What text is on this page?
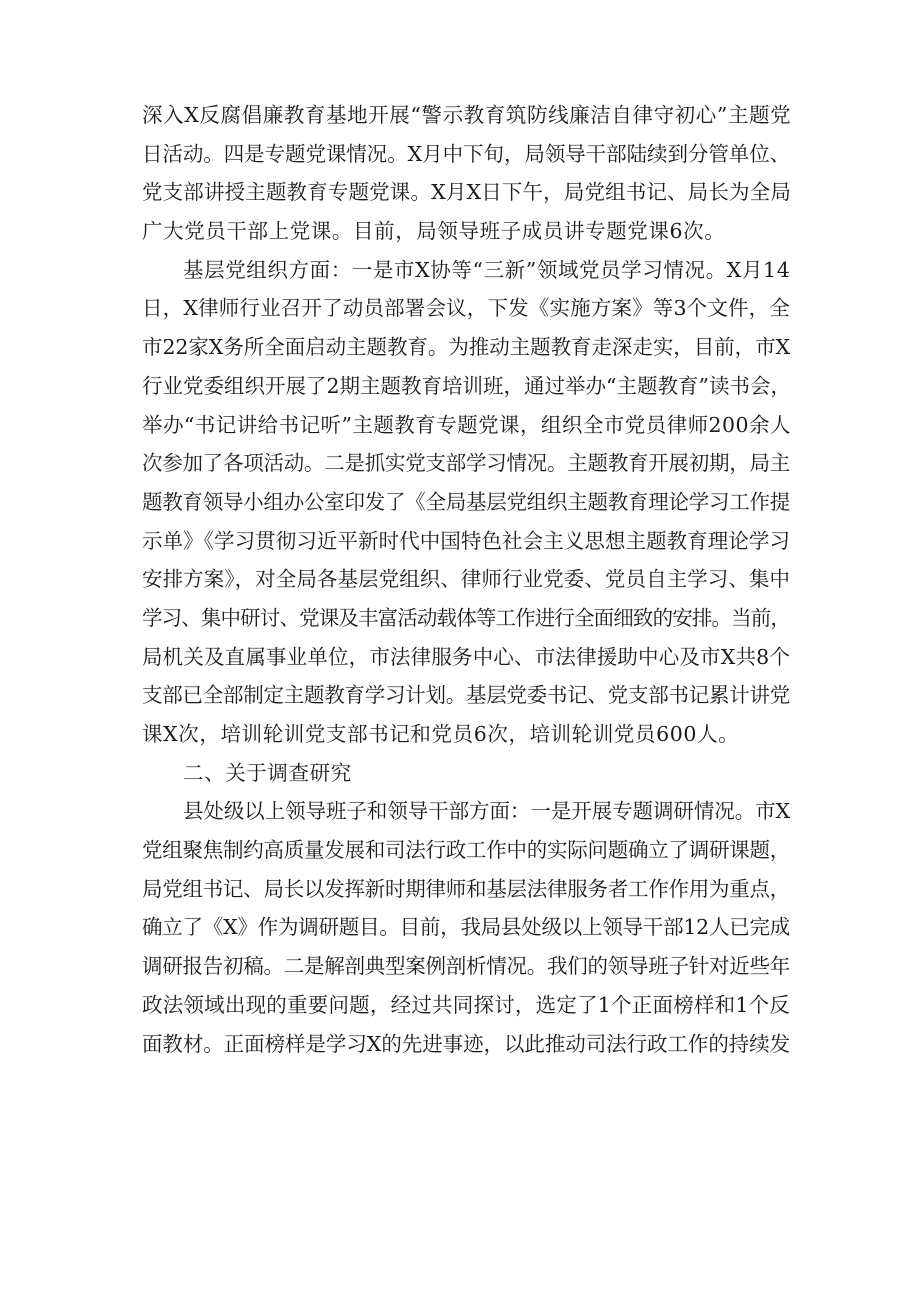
深入X反腐倡廉教育基地开展“警示教育筑防线廉洁自律守初心”主题党
日活动。四是专题党课情况。X月中下旬，局领导干部陆续到分管单位、
党支部讲授主题教育专题党课。X月X日下午，局党组书记、局长为全局
广大党员干部上党课。目前，局领导班子成员讲专题党课6次。
基层党组织方面：一是市X协等“三新”领域党员学习情况。X月14
日，X律师行业召开了动员部署会议，下发《实施方案》等3个文件，全
市22家X务所全面启动主题教育。为推动主题教育走深走实，目前，市X
行业党委组织开展了2期主题教育培训班，通过举办“主题教育”读书会，
举办“书记讲给书记听”主题教育专题党课，组织全市党员律师200余人
次参加了各项活动。二是抓实党支部学习情况。主题教育开展初期，局主
题教育领导小组办公室印发了《全局基层党组织主题教育理论学习工作提
示单》《学习贯彻习近平新时代中国特色社会主义思想主题教育理论学习
安排方案》，对全局各基层党组织、律师行业党委、党员自主学习、集中
学习、集中研讨、党课及丰富活动载体等工作进行全面细致的安排。当前，
局机关及直属事业单位，市法律服务中心、市法律援助中心及市X共8个
支部已全部制定主题教育学习计划。基层党委书记、党支部书记累计讲党
课X次，培训轮训党支部书记和党员6次，培训轮训党员600人。
二、关于调查研究
县处级以上领导班子和领导干部方面：一是开展专题调研情况。市X
党组聚焦制约高质量发展和司法行政工作中的实际问题确立了调研课题，
局党组书记、局长以发挥新时期律师和基层法律服务者工作作用为重点，
确立了《X》作为调研题目。目前，我局县处级以上领导干部12人已完成
调研报告初稿。二是解剖典型案例剖析情况。我们的领导班子针对近些年
政法领域出现的重要问题，经过共同探讨，选定了1个正面榜样和1个反
面教材。正面榜样是学习X的先进事迹，以此推动司法行政工作的持续发
